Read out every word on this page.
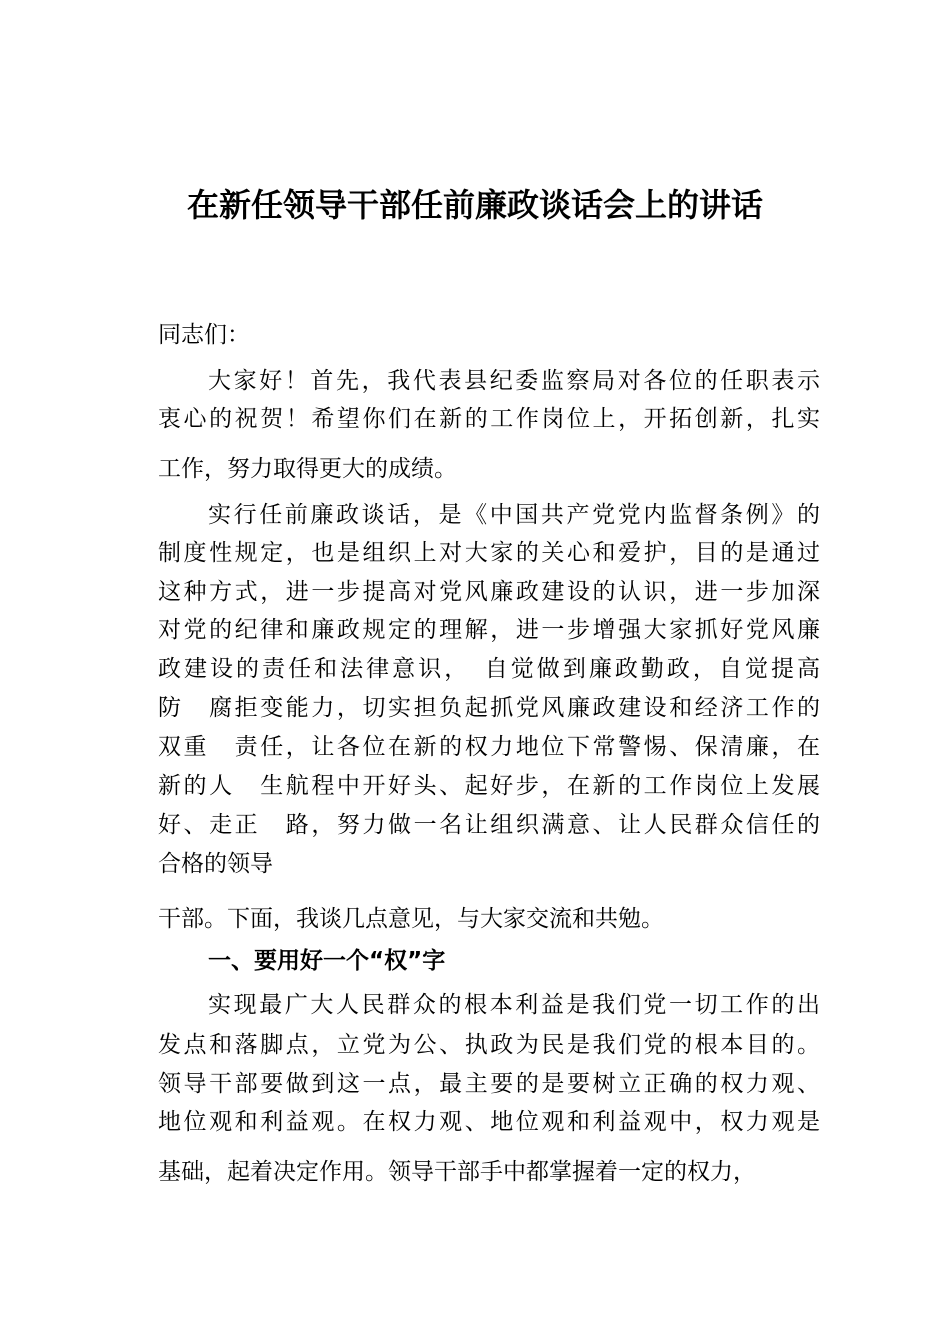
在新任领导干部任前廉政谈话会上的讲话

同志们：

大家好！首先，我代表县纪委监察局对各位的任职表示

衷心的祝贺！希望你们在新的工作岗位上，开拓创新，扎实

工作，努力取得更大的成绩。

实行任前廉政谈话，是《中国共产党党内监督条例》的

制度性规定，也是组织上对大家的关心和爱护，目的是通过

这种方式，进一步提高对党风廉政建设的认识，进一步加深

对党的纪律和廉政规定的理解，进一步增强大家抓好党风廉

政建设的责任和法律意识，　自觉做到廉政勤政，自觉提高

防　腐拒变能力，切实担负起抓党风廉政建设和经济工作的

双重　责任，让各位在新的权力地位下常警惕、保清廉，在

新的人　生航程中开好头、起好步，在新的工作岗位上发展

好、走正　路，努力做一名让组织满意、让人民群众信任的

合格的领导

干部。下面，我谈几点意见，与大家交流和共勉。

一、要用好一个“权”字

实现最广大人民群众的根本利益是我们党一切工作的出

发点和落脚点，立党为公、执政为民是我们党的根本目的。

领导干部要做到这一点，最主要的是要树立正确的权力观、

地位观和利益观。在权力观、地位观和利益观中，权力观是

基础，起着决定作用。领导干部手中都掌握着一定的权力，
